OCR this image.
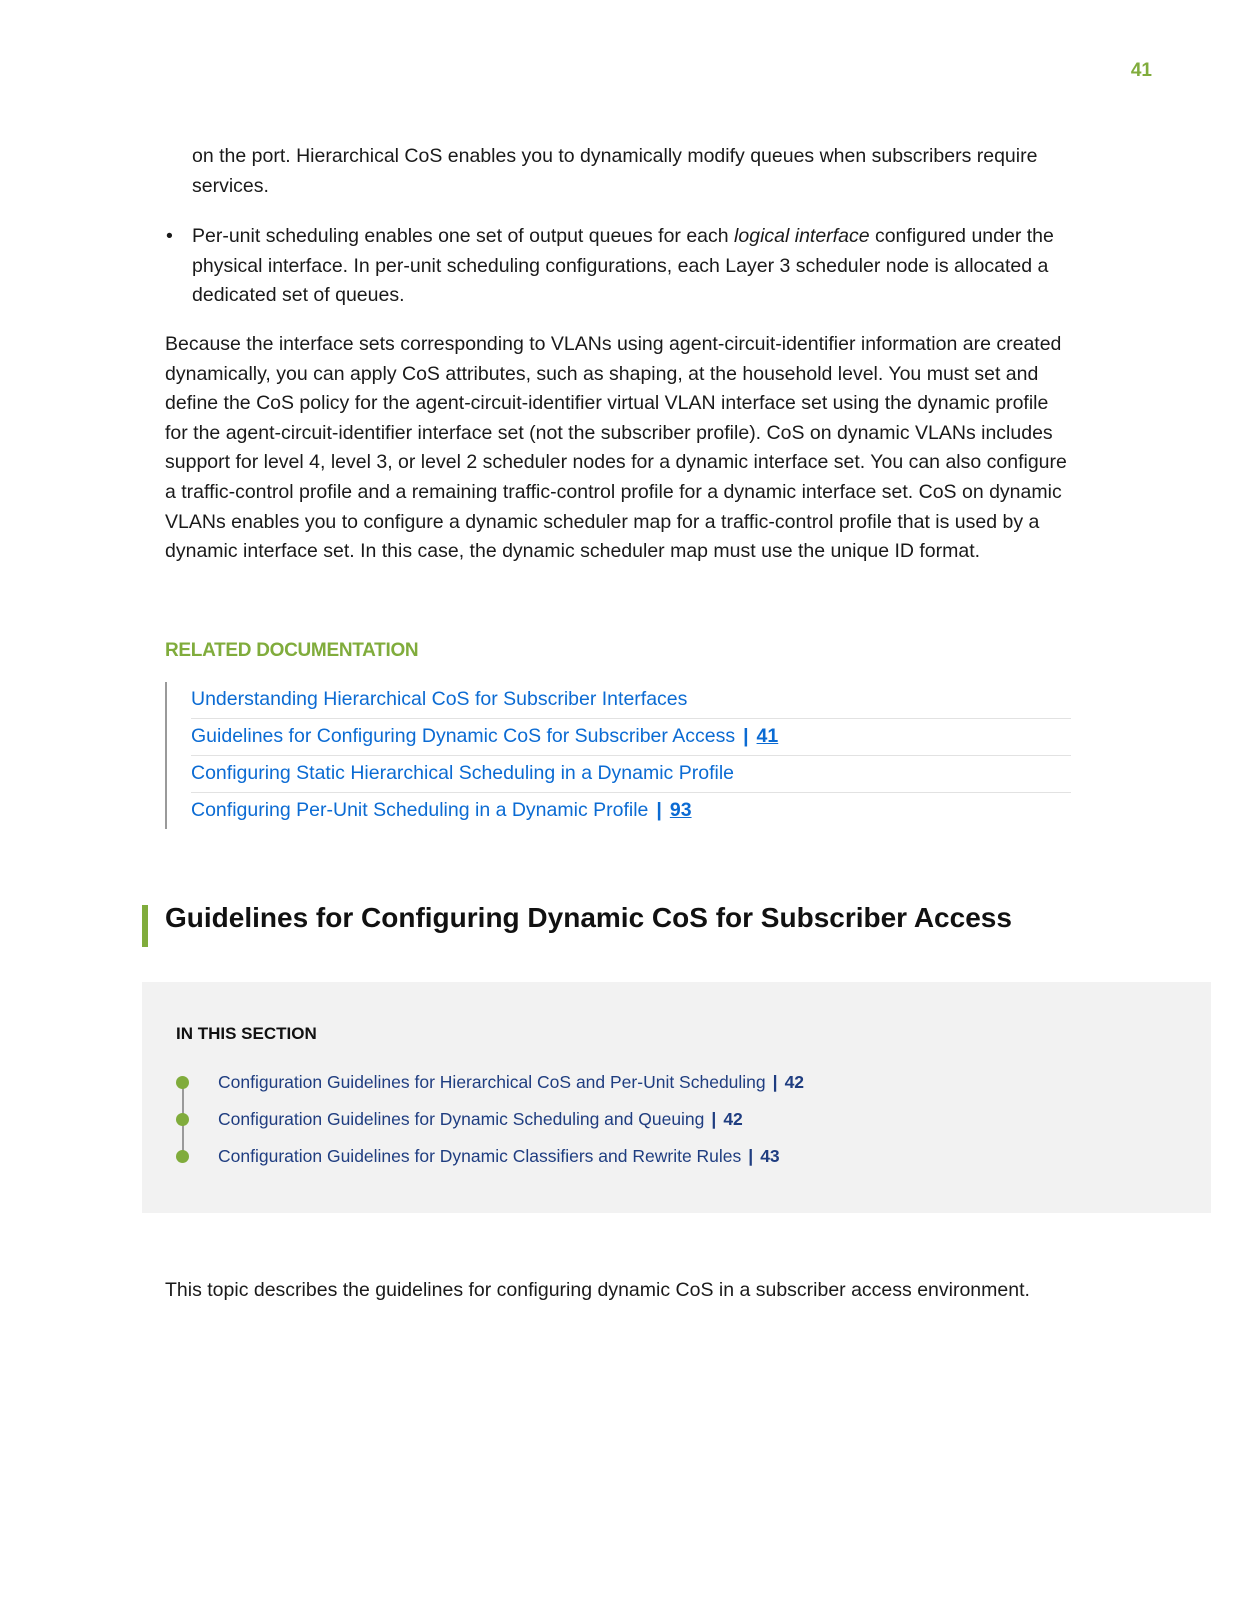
41

on the port. Hierarchical CoS enables you to dynamically modify queues when subscribers require services.

• Per-unit scheduling enables one set of output queues for each logical interface configured under the physical interface. In per-unit scheduling configurations, each Layer 3 scheduler node is allocated a dedicated set of queues.

Because the interface sets corresponding to VLANs using agent-circuit-identifier information are created dynamically, you can apply CoS attributes, such as shaping, at the household level. You must set and define the CoS policy for the agent-circuit-identifier virtual VLAN interface set using the dynamic profile for the agent-circuit-identifier interface set (not the subscriber profile). CoS on dynamic VLANs includes support for level 4, level 3, or level 2 scheduler nodes for a dynamic interface set. You can also configure a traffic-control profile and a remaining traffic-control profile for a dynamic interface set. CoS on dynamic VLANs enables you to configure a dynamic scheduler map for a traffic-control profile that is used by a dynamic interface set. In this case, the dynamic scheduler map must use the unique ID format.

RELATED DOCUMENTATION
Understanding Hierarchical CoS for Subscriber Interfaces
Guidelines for Configuring Dynamic CoS for Subscriber Access | 41
Configuring Static Hierarchical Scheduling in a Dynamic Profile
Configuring Per-Unit Scheduling in a Dynamic Profile | 93
Guidelines for Configuring Dynamic CoS for Subscriber Access
IN THIS SECTION
Configuration Guidelines for Hierarchical CoS and Per-Unit Scheduling | 42
Configuration Guidelines for Dynamic Scheduling and Queuing | 42
Configuration Guidelines for Dynamic Classifiers and Rewrite Rules | 43

This topic describes the guidelines for configuring dynamic CoS in a subscriber access environment.
